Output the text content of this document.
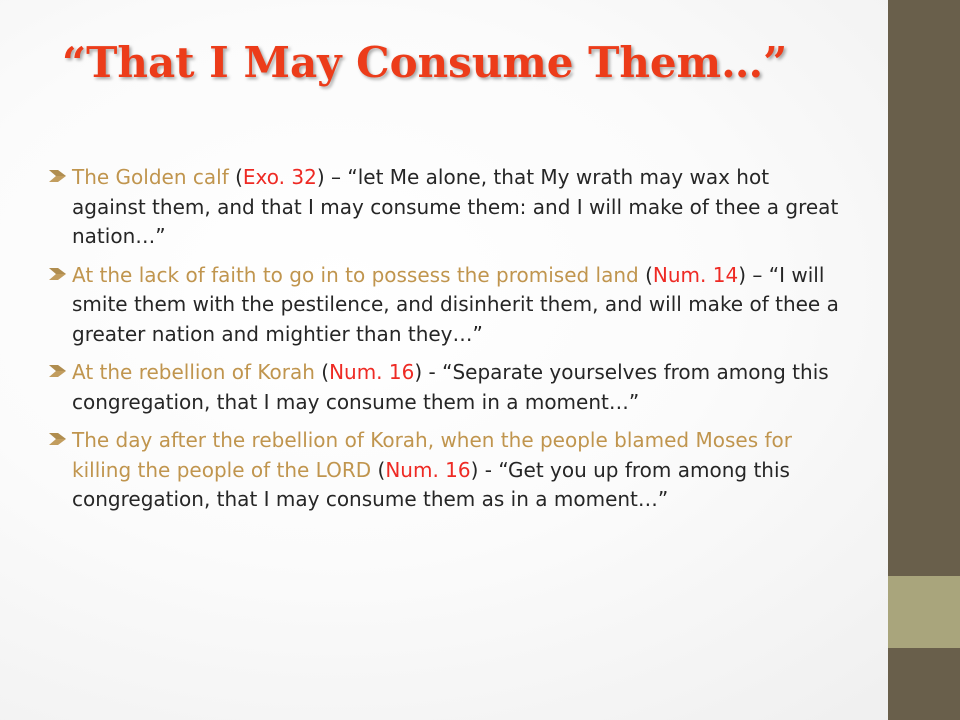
“That I May Consume Them…”

The Golden calf (Exo. 32) – “let Me alone, that My wrath may wax hot against them, and that I may consume them: and I will make of thee a great nation…”

At the lack of faith to go in to possess the promised land (Num. 14) – “I will smite them with the pestilence, and disinherit them, and will make of thee a greater nation and mightier than they…”

At the rebellion of Korah (Num. 16) - “Separate yourselves from among this congregation, that I may consume them in a moment…”

The day after the rebellion of Korah, when the people blamed Moses for killing the people of the LORD (Num. 16) - “Get you up from among this congregation, that I may consume them as in a moment…”
